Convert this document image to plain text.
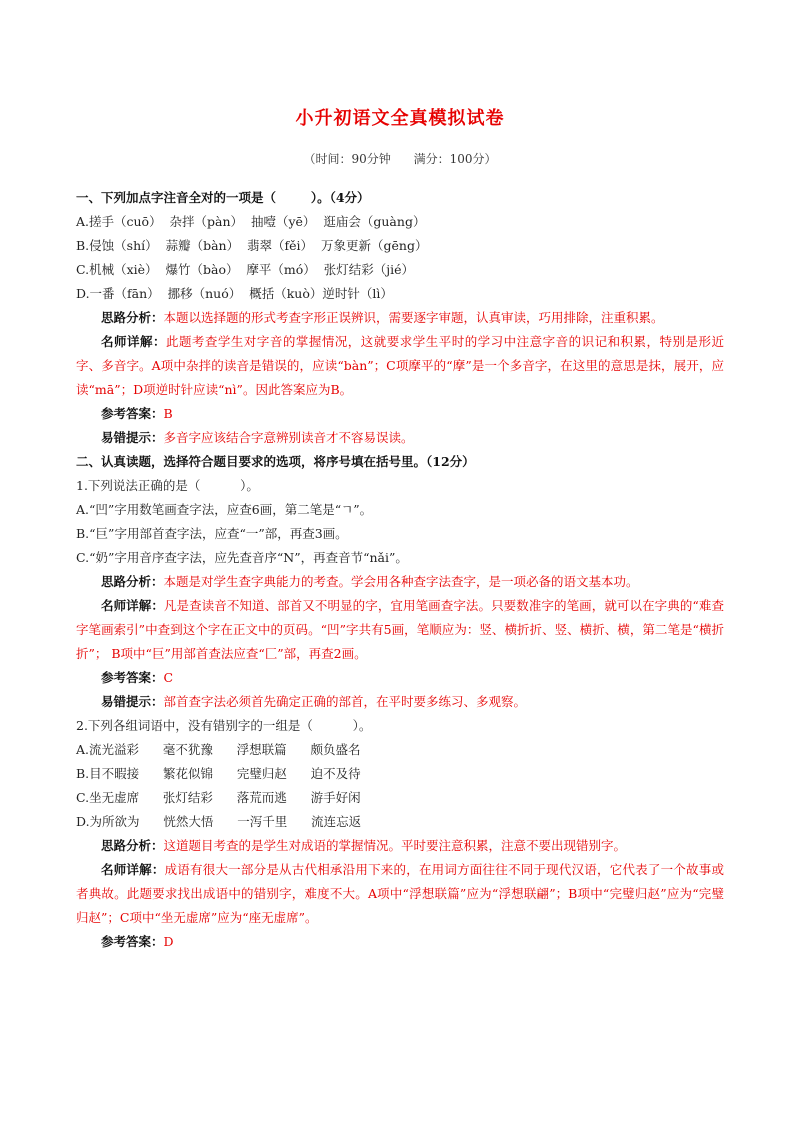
小升初语文全真模拟试卷
（时间：90分钟      满分：100分）
一、下列加点字注音全对的一项是（        ）。（4分）
A.搓手（cuō）  杂拌（pàn）  抽噎（yē）  逛庙会（guàng）
B.侵蚀（shí）  蒜瓣（bàn）  翡翠（fěi）  万象更新（gēng）
C.机械（xiè）  爆竹（bào）  摩平（mó）  张灯结彩（jié）
D.一番（fān）  挪移（nuó）  概括（kuò）逆时针（lì）
思路分析：本题以选择题的形式考查字形正误辨识，需要逐字审题，认真审读，巧用排除，注重积累。
名师详解：此题考查学生对字音的掌握情况，这就要求学生平时的学习中注意字音的识记和积累，特别是形近字、多音字。A项中杂拌的读音是错误的，应读“bàn”；C项摩平的“摩”是一个多音字，在这里的意思是抹，展开，应读“mā”；D项逆时针应读“nì”。因此答案应为B。
参考答案：B
易错提示：多音字应该结合字意辨别读音才不容易误读。
二、认真读题，选择符合题目要求的选项，将序号填在括号里。（12分）
1.下列说法正确的是（          ）。
A.“凹”字用数笔画查字法，应查6画，第二笔是“ㄱ”。
B.“巨”字用部首查字法，应查“一”部，再查3画。
C.“奶”字用音序查字法，应先查音序“N”，再查音节“nǎi”。
思路分析：本题是对学生查字典能力的考查。学会用各种查字法查字，是一项必备的语文基本功。
名师详解：凡是查读音不知道、部首又不明显的字，宜用笔画查字法。只要数准字的笔画，就可以在字典的“难查字笔画索引”中查到这个字在正文中的页码。“凹”字共有5画，笔顺应为：竖、横折折、竖、横折、横，第二笔是“横折折”； B项中“巨”用部首查法应查“匚”部，再查2画。
参考答案：C
易错提示：部首查字法必须首先确定正确的部首，在平时要多练习、多观察。
2.下列各组词语中，没有错别字的一组是（          ）。
A.流光溢彩      毫不犹豫      浮想联篇      颇负盛名
B.目不暇接      繁花似锦      完璧归赵      迫不及待
C.坐无虚席      张灯结彩      落荒而逃      游手好闲
D.为所欲为      恍然大悟      一泻千里      流连忘返
思路分析：这道题目考查的是学生对成语的掌握情况。平时要注意积累，注意不要出现错别字。
名师详解：成语有很大一部分是从古代相承沿用下来的，在用词方面往往不同于现代汉语，它代表了一个故事或者典故。此题要求找出成语中的错别字，难度不大。A项中“浮想联篇”应为“浮想联翩”；B项中“完璧归赵”应为“完璧归赵”；C项中“坐无虚席”应为“座无虚席”。
参考答案：D
